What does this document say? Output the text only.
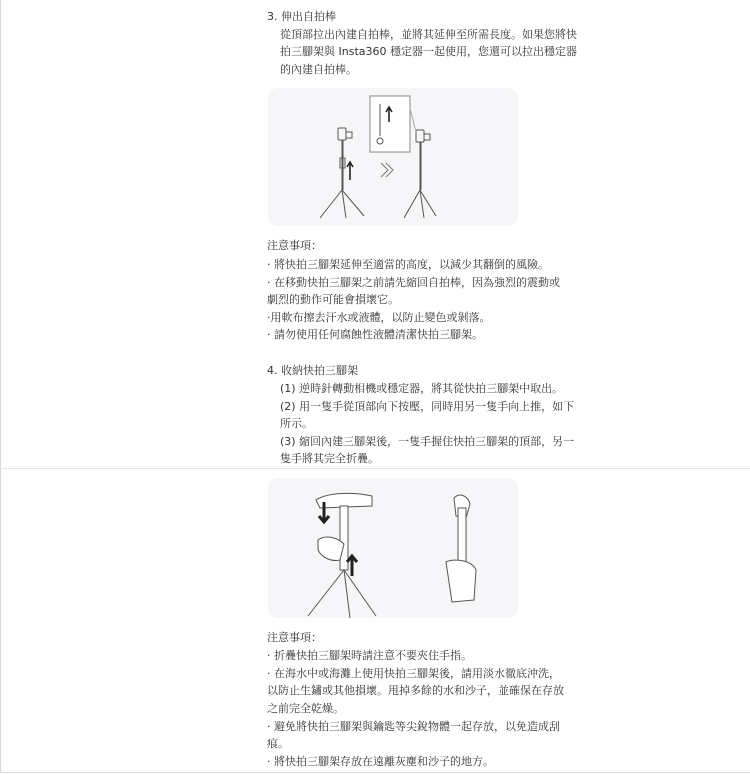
3. 伸出自拍棒
從頂部拉出內建自拍棒，並將其延伸至所需長度。如果您將快
拍三腳架與 Insta360 穩定器一起使用，您還可以拉出穩定器
的內建自拍棒。
注意事項：
· 將快拍三腳架延伸至適當的高度，以減少其翻倒的風險。
· 在移動快拍三腳架之前請先縮回自拍棒，因為強烈的震動或
劇烈的動作可能會損壞它。
·用軟布擦去汗水或液體，以防止變色或剝落。
· 請勿使用任何腐蝕性液體清潔快拍三腳架。
4. 收納快拍三腳架
(1) 逆時針轉動相機或穩定器，將其從快拍三腳架中取出。
(2) 用一隻手從頂部向下按壓，同時用另一隻手向上推，如下
所示。
(3) 縮回內建三腳架後，一隻手握住快拍三腳架的頂部，另一
隻手將其完全折疊。
注意事項：
· 折疊快拍三腳架時請注意不要夾住手指。
· 在海水中或海灘上使用快拍三腳架後，請用淡水徹底沖洗，
以防止生鏽或其他損壞。甩掉多餘的水和沙子，並確保在存放
之前完全乾燥。
· 避免將快拍三腳架與鑰匙等尖銳物體一起存放，以免造成刮
痕。
· 將快拍三腳架存放在遠離灰塵和沙子的地方。
